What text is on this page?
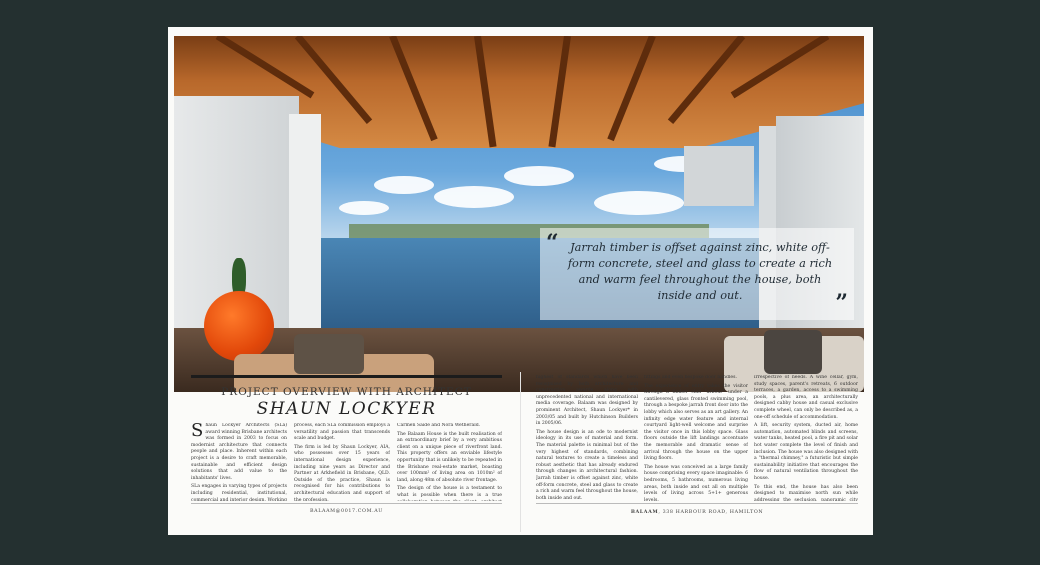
“	Jarrah timber is offset against zinc, white off-form concrete, steel and glass to create a rich and warm feel throughout the house, both inside and out.	”
PROJECT OVERVIEW WITH ARCHITECT
SHAUN LOCKYER

Shaun Lockyer Architects (SLa) award winning Brisbane architects was formed in 2003 to focus on modernist architecture that connects people and place. Inherent within each project is a desire to craft memorable, sustainable and efficient design solutions that add value to the inhabitants' lives.

SLa engages in varying types of projects including residential, institutional, commercial and interior design. Working

process, each SLa commission employs a versatility and passion that transcends scale and budget.

The firm is led by Shaun Lockyer, AIA, who possesses over 15 years of international design experience, including nine years as Director and Partner at Arkhefield in Brisbane, QLD. Outside of the practice, Shaun is recognised for his contributions to architectural education and support of the profession.

Carmen Saide and Nora Wetherald.

The Balaam House is the built realisation of an extraordinary brief by a very ambitious client on a unique piece of riverfront land. This property offers an enviable lifestyle opportunity that is unlikely to be repeated in the Brisbane real-estate market, boasting over 100mm² of living area on 1010m² of land, along 48m of absolute river frontage.

The design of the house is a testament to what is possible when there is a true

highest of standards which have been recognised by both architecture and construction awards along with unprecedented national and international media coverage. Balaam was designed by prominent Architect, Shaun Lockyer* in 2003/05 and built by Hutchinson Builders in 2005/06.

The house design is an ode to modernist ideology in its use of material and form. The material palette is minimal but of the very highest of standards, combining natural textures to create a timeless and robust aesthetic that has already endured through changes in architectural fashion. Jarrah timber is offset against zinc, white off-form concrete, steel and glass to create a rich and warm feel throughout the house, both inside and out.

fittings and even bespoke door handles.

The experience of entry takes the visitor through a timber clad "arbour" under a cantilevered, glass fronted swimming pool, through a bespoke jarrah front door into the lobby which also serves as an art gallery. An infinity edge water feature and internal courtyard light-well welcome and surprise the visitor once in this lobby space. Glass floors outside the lift landings accentuate the memorable and dramatic sense of arrival through the house on the upper living floors.

The house was conceived as a large family house comprising every space imaginable: 6 bedrooms, 5 bathrooms, numerous living areas, both inside and out all on multiple levels of living across 5+1+ generous levels.

irrespective of needs. A wine cellar, gym, study spaces, parent's retreats, 6 outdoor terraces, a garden, access to a swimming pools, a plus area, an architecturally designed cabby house and casual exclusive complete wheel, can only be described as, a one-off schedule of accommodation.

A lift, security system, ducted air, home automation, automated blinds and screens, water tanks, heated pool, a fire pit and solar hot water complete the level of finish and inclusion. The house was also designed with a "thermal chimney," a futuristic but simple sustainability initiative that encourages the flow of natural ventilation throughout the house.

To this end, the house has also been designed to maximise north sun while addressing the seclusion, panoramic city

BALAAM@0017.COM.AU	BALAAM, 338 HARBOUR ROAD, HAMILTON
